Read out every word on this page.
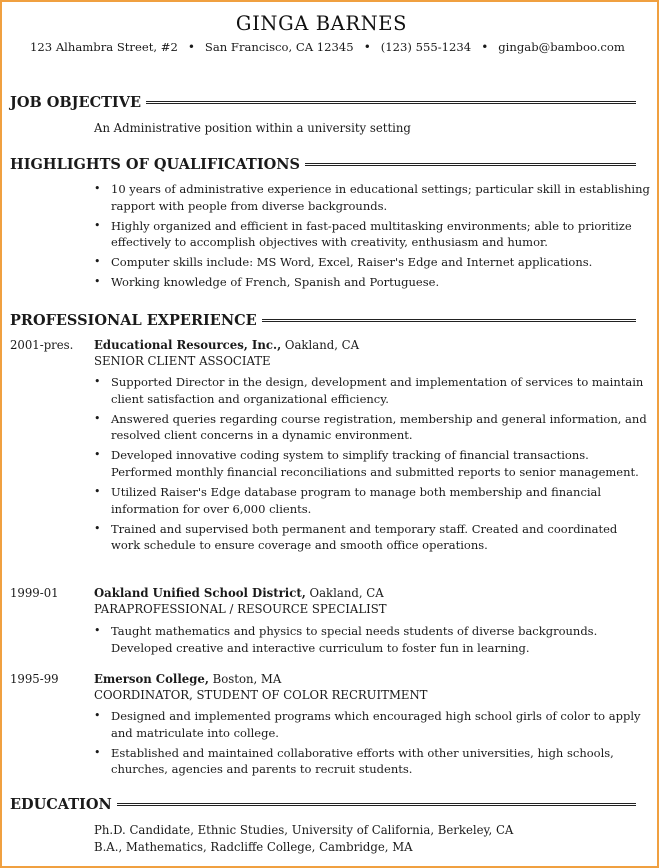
GINGA BARNES
123 Alhambra Street, #2 • San Francisco, CA 12345 • (123) 555-1234 • gingab@bamboo.com
JOB OBJECTIVE
An Administrative position within a university setting
HIGHLIGHTS OF QUALIFICATIONS
• 10 years of administrative experience in educational settings; particular skill in establishing rapport with people from diverse backgrounds.
• Highly organized and efficient in fast-paced multitasking environments; able to prioritize effectively to accomplish objectives with creativity, enthusiasm and humor.
• Computer skills include: MS Word, Excel, Raiser's Edge and Internet applications.
• Working knowledge of French, Spanish and Portuguese.
PROFESSIONAL EXPERIENCE
2001-pres. Educational Resources, Inc., Oakland, CA
SENIOR CLIENT ASSOCIATE
• Supported Director in the design, development and implementation of services to maintain client satisfaction and organizational efficiency.
• Answered queries regarding course registration, membership and general information, and resolved client concerns in a dynamic environment.
• Developed innovative coding system to simplify tracking of financial transactions. Performed monthly financial reconciliations and submitted reports to senior management.
• Utilized Raiser's Edge database program to manage both membership and financial information for over 6,000 clients.
• Trained and supervised both permanent and temporary staff. Created and coordinated work schedule to ensure coverage and smooth office operations.
1999-01	Oakland Unified School District, Oakland, CA
PARAPROFESSIONAL / RESOURCE SPECIALIST
• Taught mathematics and physics to special needs students of diverse backgrounds. Developed creative and interactive curriculum to foster fun in learning.
1995-99	Emerson College, Boston, MA
COORDINATOR, STUDENT OF COLOR RECRUITMENT
• Designed and implemented programs which encouraged high school girls of color to apply and matriculate into college.
• Established and maintained collaborative efforts with other universities, high schools, churches, agencies and parents to recruit students.
EDUCATION
Ph.D. Candidate, Ethnic Studies, University of California, Berkeley, CA
B.A., Mathematics, Radcliffe College, Cambridge, MA
